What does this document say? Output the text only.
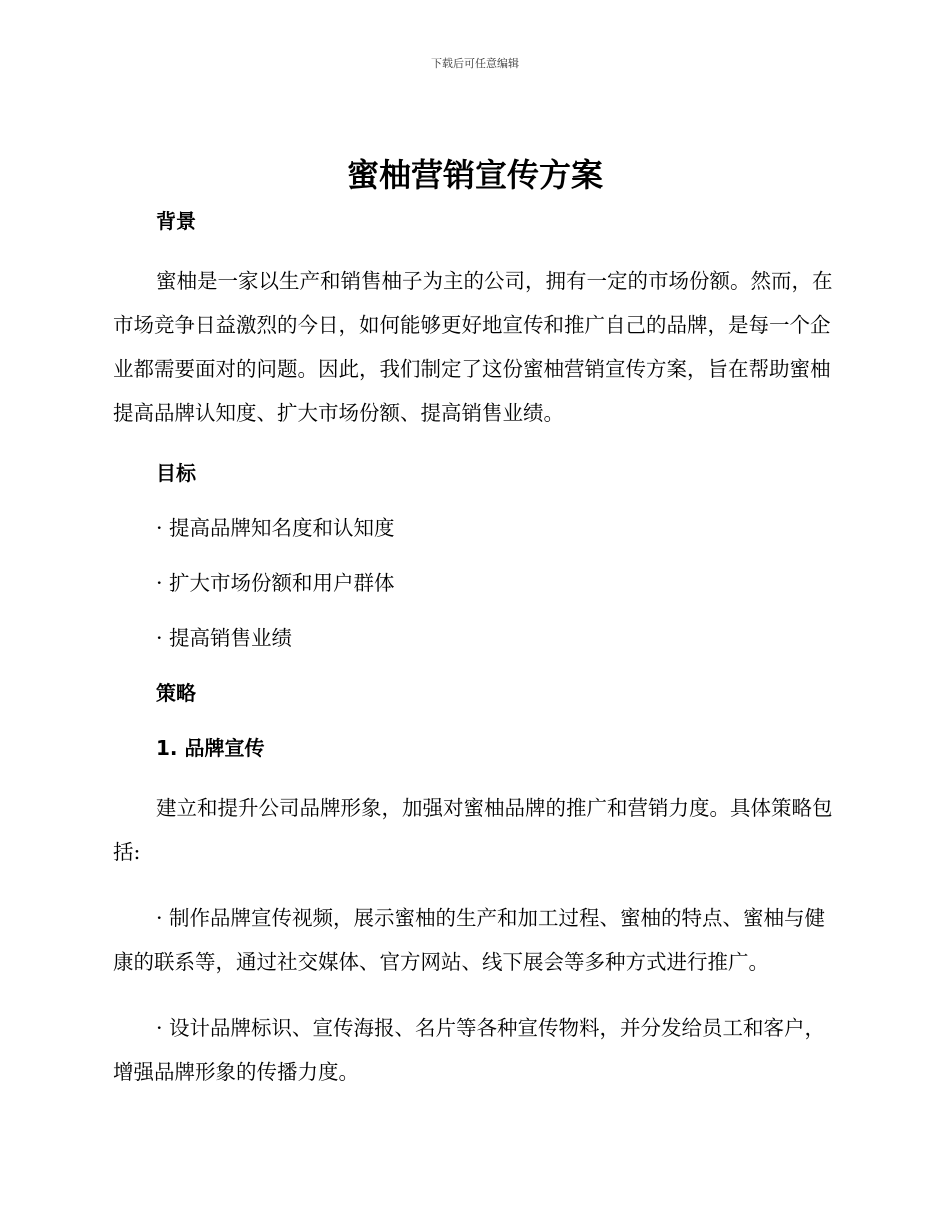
下载后可任意编辑
蜜柚营销宣传方案
背景

蜜柚是一家以生产和销售柚子为主的公司，拥有一定的市场份额。然而，在市场竞争日益激烈的今日，如何能够更好地宣传和推广自己的品牌，是每一个企业都需要面对的问题。因此，我们制定了这份蜜柚营销宣传方案，旨在帮助蜜柚提高品牌认知度、扩大市场份额、提高销售业绩。

目标

· 提高品牌知名度和认知度

· 扩大市场份额和用户群体

· 提高销售业绩

策略
1. 品牌宣传

建立和提升公司品牌形象，加强对蜜柚品牌的推广和营销力度。具体策略包括:

· 制作品牌宣传视频，展示蜜柚的生产和加工过程、蜜柚的特点、蜜柚与健康的联系等，通过社交媒体、官方网站、线下展会等多种方式进行推广。

· 设计品牌标识、宣传海报、名片等各种宣传物料，并分发给员工和客户，增强品牌形象的传播力度。
